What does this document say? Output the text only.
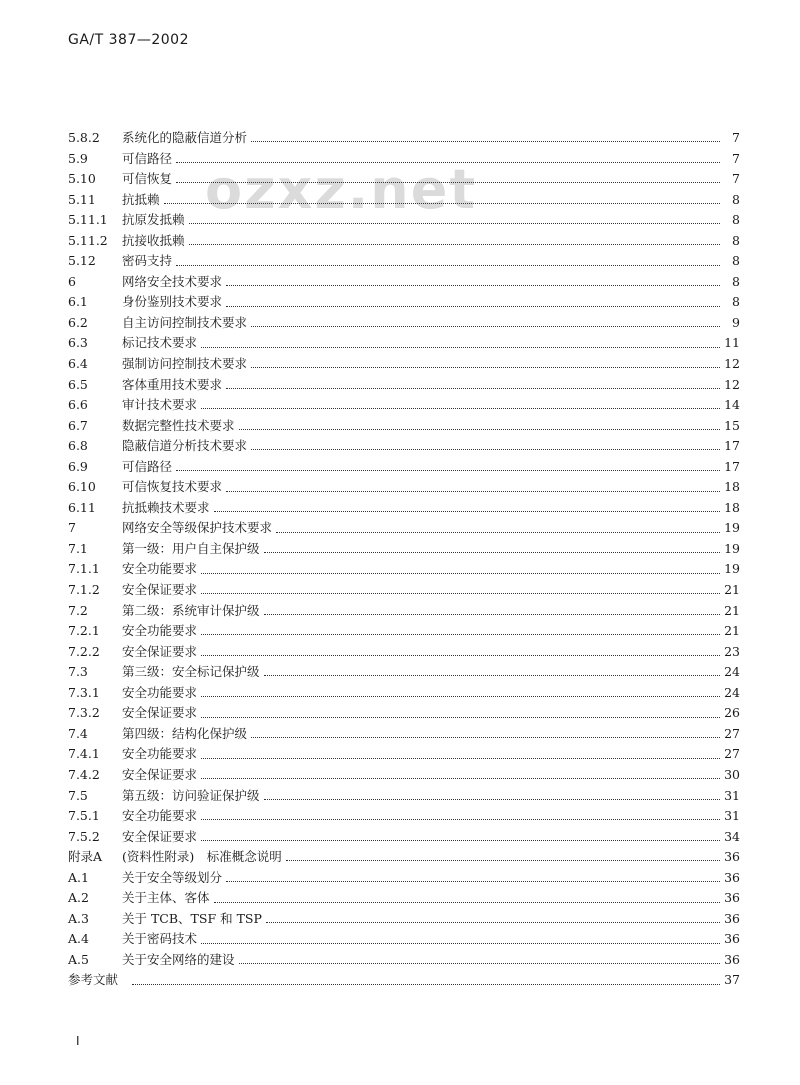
GA/T 387—2002
ozxz.net
5.8.2	系统化的隐蔽信道分析	7
5.9	可信路径	7
5.10	可信恢复	7
5.11	抗抵赖	8
5.11.1	抗原发抵赖	8
5.11.2	抗接收抵赖	8
5.12	密码支持	8
6	网络安全技术要求	8
6.1	身份鉴别技术要求	8
6.2	自主访问控制技术要求	9
6.3	标记技术要求	11
6.4	强制访问控制技术要求	12
6.5	客体重用技术要求	12
6.6	审计技术要求	14
6.7	数据完整性技术要求	15
6.8	隐蔽信道分析技术要求	17
6.9	可信路径	17
6.10	可信恢复技术要求	18
6.11	抗抵赖技术要求	18
7	网络安全等级保护技术要求	19
7.1	第一级：用户自主保护级	19
7.1.1	安全功能要求	19
7.1.2	安全保证要求	21
7.2	第二级：系统审计保护级	21
7.2.1	安全功能要求	21
7.2.2	安全保证要求	23
7.3	第三级：安全标记保护级	24
7.3.1	安全功能要求	24
7.3.2	安全保证要求	26
7.4	第四级：结构化保护级	27
7.4.1	安全功能要求	27
7.4.2	安全保证要求	30
7.5	第五级：访问验证保护级	31
7.5.1	安全功能要求	31
7.5.2	安全保证要求	34
附录A	(资料性附录)　标准概念说明	36
A.1	关于安全等级划分	36
A.2	关于主体、客体	36
A.3	关于 TCB、TSF 和 TSP	36
A.4	关于密码技术	36
A.5	关于安全网络的建设	36
参考文献	37
I
